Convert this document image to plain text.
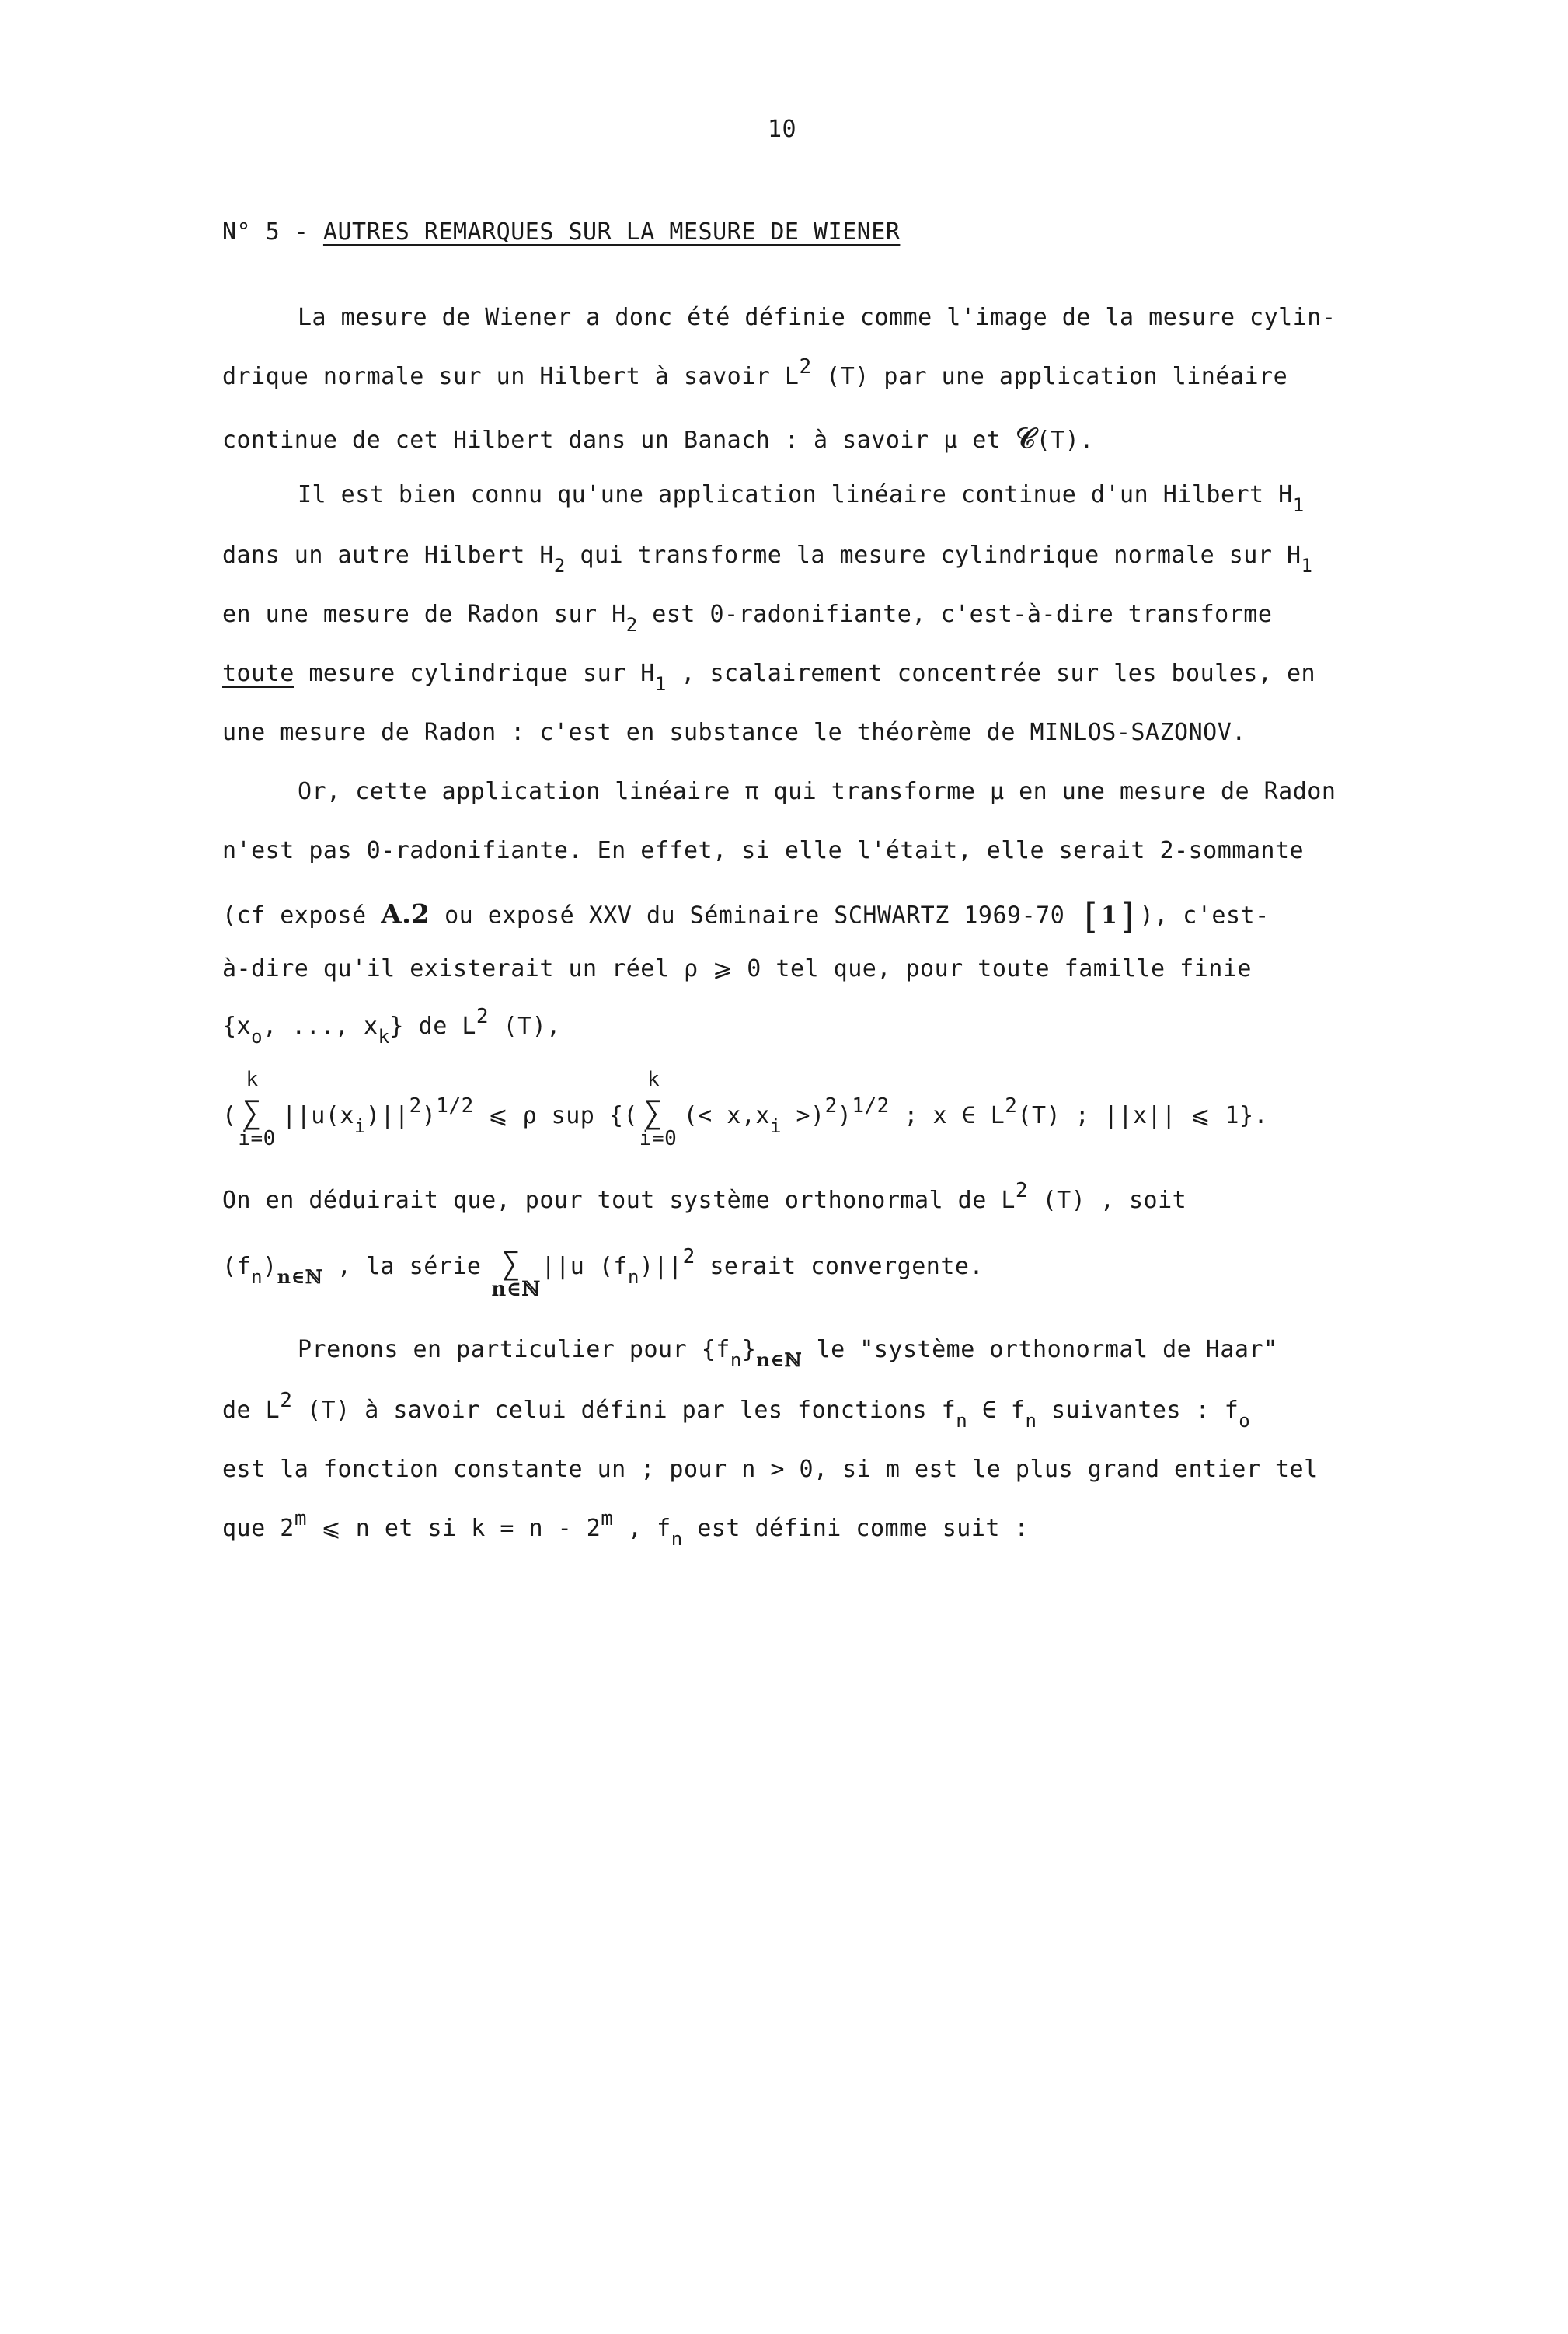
10
N° 5 - AUTRES REMARQUES SUR LA MESURE DE WIENER
La mesure de Wiener a donc été définie comme l'image de la mesure cylin-
drique normale sur un Hilbert à savoir $L^2$ (T) par une application linéaire
continue de cet Hilbert dans un Banach : à savoir μ et 𝒞(T).
Il est bien connu qu'une application linéaire continue d'un Hilbert $H_1$
dans un autre Hilbert $H_2$ qui transforme la mesure cylindrique normale sur $H_1$
en une mesure de Radon sur $H_2$ est 0-radonifiante, c'est-à-dire transforme
toute mesure cylindrique sur $H_1$ , scalairement concentrée sur les boules, en
une mesure de Radon : c'est en substance le théorème de MINLOS-SAZONOV.
Or, cette application linéaire π qui transforme μ en une mesure de Radon
n'est pas 0-radonifiante. En effet, si elle l'était, elle serait 2-sommante
(cf exposé A.2 ou exposé XXV du Séminaire SCHWARTZ 1969-70 [1]), c'est-
à-dire qu'il existerait un réel ρ ⩾ 0 tel que, pour toute famille finie
{$x_o$, ..., $x_k$} de $L^2$ (T),
(
k
∑
i=0
$||u(x_i)||^2)^{1/2}$ ⩽ ρ sup {(
k
∑
i=0
(< $x,x_i >)^2)^{1/2}$ ; x ∈ $L^2(T)$ ; ||x|| ⩽ 1}.
On en déduirait que, pour tout système orthonormal de $L^2$ (T) , soit
$(f_n)_{n\in ℕ}$ , la série ∑
n∈ℕ
||u $(f_n)||^2$ serait convergente.
Prenons en particulier pour $\{f_n\}_{n\in ℕ}$ le "système orthonormal de Haar"
de $L^2$ (T) à savoir celui défini par les fonctions $f_n$ ∈ $f_n$ suivantes : $f_o$
est la fonction constante un ; pour n > 0, si m est le plus grand entier tel
que 2$^m$ ⩽ n et si k = n - 2$^m$ , $f_n$ est défini comme suit :
